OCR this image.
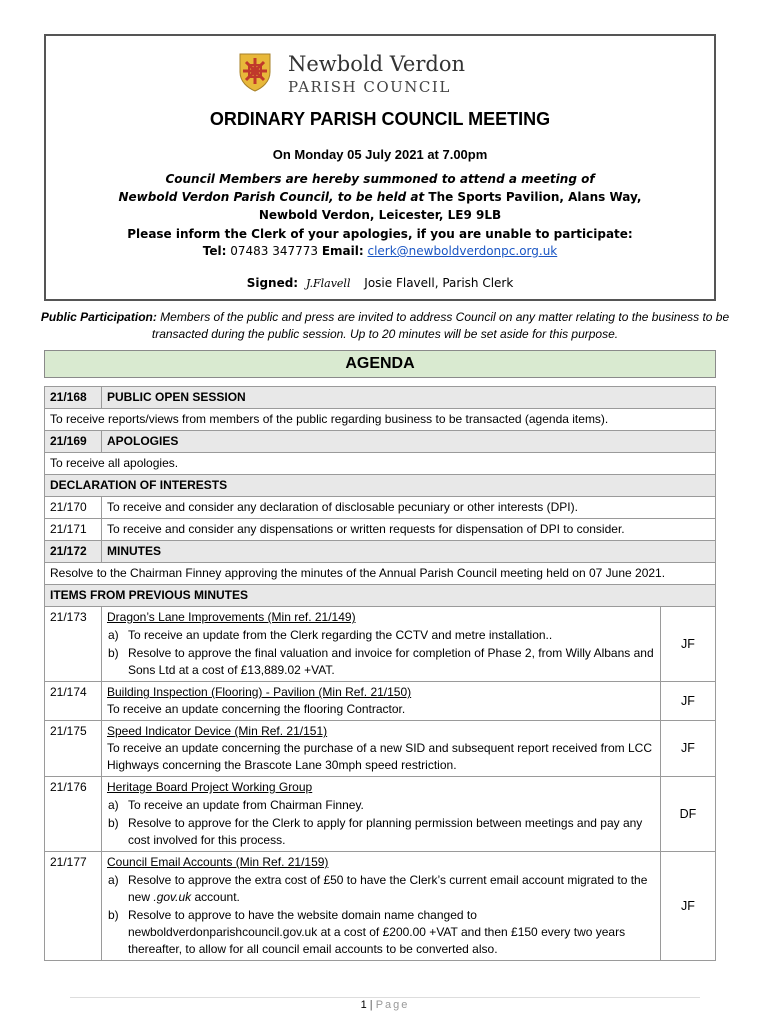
Newbold Verdon
PARISH COUNCIL
ORDINARY PARISH COUNCIL MEETING
On Monday 05 July 2021 at 7.00pm
Council Members are hereby summoned to attend a meeting of
Newbold Verdon Parish Council, to be held at The Sports Pavilion, Alans Way,
Newbold Verdon, Leicester, LE9 9LB
Please inform the Clerk of your apologies, if you are unable to participate:
Tel: 07483 347773 Email: clerk@newboldverdonpc.org.uk
Signed: J.Flavell Josie Flavell, Parish Clerk
Public Participation: Members of the public and press are invited to address Council on any matter relating to the business to be transacted during the public session. Up to 20 minutes will be set aside for this purpose.
AGENDA
21/168	PUBLIC OPEN SESSION	
To receive reports/views from members of the public regarding business to be transacted (agenda items).		
21/169	APOLOGIES	
To receive all apologies.		
DECLARATION OF INTERESTS		
21/170	To receive and consider any declaration of disclosable pecuniary or other interests (DPI).	
21/171	To receive and consider any dispensations or written requests for dispensation of DPI to consider.	
21/172	MINUTES	
Resolve to the Chairman Finney approving the minutes of the Annual Parish Council meeting held on 07 June 2021.		
ITEMS FROM PREVIOUS MINUTES		
21/173	Dragon’s Lane Improvements (Min ref. 21/149)
a) To receive an update from the Clerk regarding the CCTV and metre installation..
b) Resolve to approve the final valuation and invoice for completion of Phase 2, from Willy Albans and Sons Ltd at a cost of £13,889.02 +VAT.	JF
21/174	Building Inspection (Flooring) - Pavilion (Min Ref. 21/150)
To receive an update concerning the flooring Contractor.	JF
21/175	Speed Indicator Device (Min Ref. 21/151)
To receive an update concerning the purchase of a new SID and subsequent report received from LCC Highways concerning the Brascote Lane 30mph speed restriction.	JF
21/176	Heritage Board Project Working Group
a) To receive an update from Chairman Finney.
b) Resolve to approve for the Clerk to apply for planning permission between meetings and pay any cost involved for this process.	DF
21/177	Council Email Accounts (Min Ref. 21/159)
a) Resolve to approve the extra cost of £50 to have the Clerk’s current email account migrated to the new .gov.uk account.
b) Resolve to approve to have the website domain name changed to newboldverdonparishcouncil.gov.uk at a cost of £200.00 +VAT and then £150 every two years thereafter, to allow for all council email accounts to be converted also.	JF
1 | Page
